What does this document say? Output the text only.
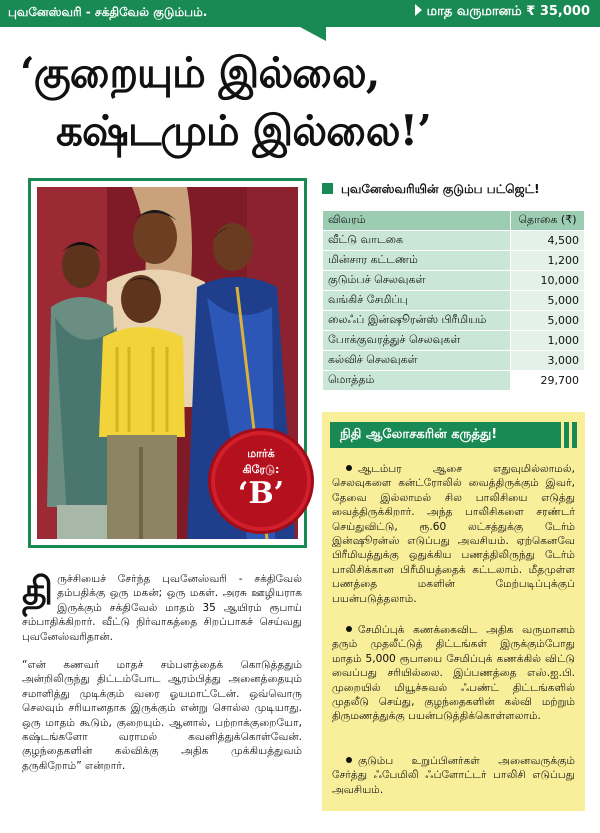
புவனேஸ்வரி - சக்திவேல் குடும்பம்.	மாத வருமானம் ₹ 35,000
‘குறையும் இல்லை,
கஷ்டமும் இல்லை!’
மார்க்
கிரேடு:
‘B’
புவனேஸ்வரியின் குடும்ப பட்ஜெட்!
விவரம்	தொகை (₹)
வீட்டு வாடகை	4,500
மின்சார கட்டணம்	1,200
குடும்பச் செலவுகள்	10,000
வங்கிச் சேமிப்பு	5,000
லைஃப் இன்ஷூரன்ஸ் பிரீமியம்	5,000
போக்குவரத்துச் செலவுகள்	1,000
கல்விச் செலவுகள்	3,000
மொத்தம்	29,700
நிதி ஆலோசகரின் கருத்து!
ஆடம்பர ஆசை எதுவுமில்லாமல், செலவுகளை கன்ட்ரோலில் வைத்திருக்கும் இவர், தேவை இல்லாமல் சில பாலிசியை எடுத்து வைத்திருக்கிறார். அந்த பாலிசிகளை சரண்டர் செய்துவிட்டு, ரூ.60 லட்சத்துக்கு டேர்ம் இன்ஷூரன்ஸ் எடுப்பது அவசியம். ஏற்கெனவே பிரீமியத்துக்கு ஒதுக்கிய பணத்திலிருந்து டேர்ம் பாலிசிக்கான பிரீமியத்தைக் கட்டலாம். மீதமுள்ள பணத்தை மகளின் மேற்படிப்புக்குப் பயன்படுத்தலாம்.
சேமிப்புக் கணக்கைவிட அதிக வருமானம் தரும் முதலீட்டுத் திட்டங்கள் இருக்கும்போது மாதம் 5,000 ரூபாயை சேமிப்புக் கணக்கில் விட்டு வைப்பது சரியில்லை. இப்பணத்தை எஸ்.ஐ.பி. முறையில் மியூச்சுவல் ஃபண்ட் திட்டங்களில் முதலீடு செய்து, குழந்தைகளின் கல்வி மற்றும் திருமணத்துக்கு பயன்படுத்திக்கொள்ளலாம்.
குடும்ப உறுப்பினர்கள் அனைவருக்கும் சேர்த்து ஃபேமிலி ஃப்ளோட்டர் பாலிசி எடுப்பது அவசியம்.
திருச்சியைச் சேர்ந்த புவனேஸ்வரி - சக்திவேல் தம்பதிக்கு ஒரு மகன்; ஒரு மகள். அரசு ஊழியராக இருக்கும் சக்திவேல் மாதம் 35 ஆயிரம் ரூபாய் சம்பாதிக்கிறார். வீட்டு நிர்வாகத்தை சிறப்பாகச் செய்வது புவனேஸ்வரிதான்.
“என் கணவர் மாதச் சம்பளத்தைக் கொடுத்ததும் அன்றிலிருந்து திட்டம்போட ஆரம்பித்து அனைத்தையும் சமாளித்து முடிக்கும் வரை ஓயமாட்டேன். ஒவ்வொரு செலவும் சரியானதாக இருக்கும் என்று சொல்ல முடியாது. ஒரு மாதம் கூடும், குறையும். ஆனால், பற்றாக்குறையோ, கஷ்டங்களோ வராமல் கவனித்துக்கொள்வேன். குழந்தைகளின் கல்விக்கு அதிக முக்கியத்துவம் தருகிறோம்” என்றார்.
